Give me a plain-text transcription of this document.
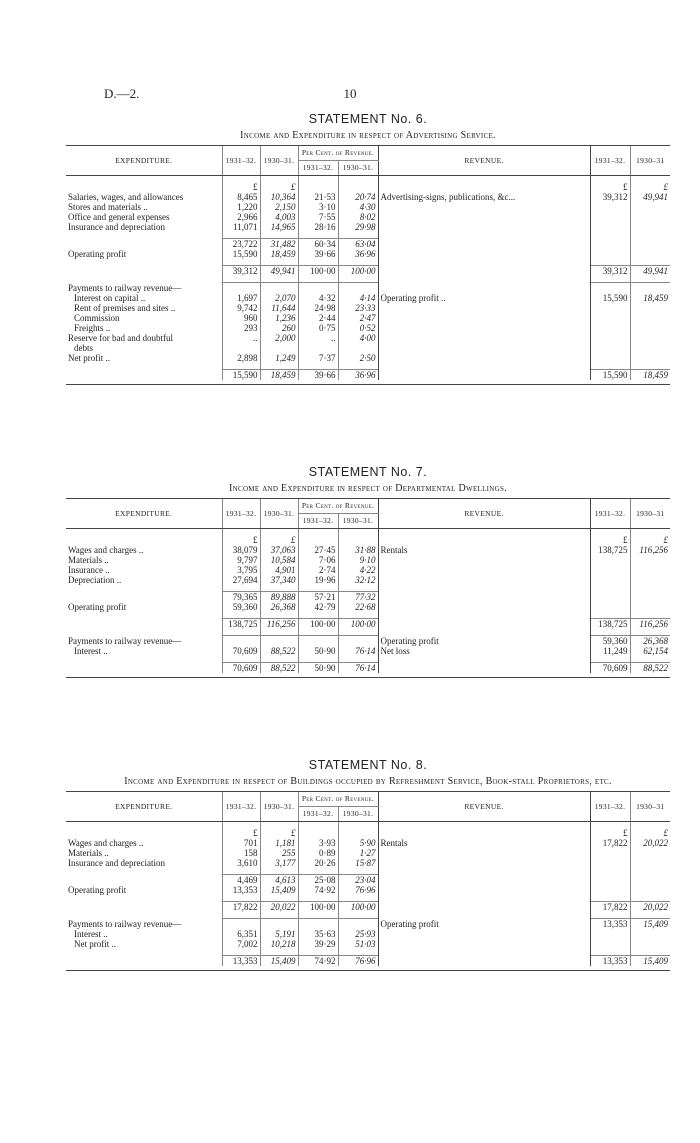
D.—2.	10
STATEMENT No. 6.
Income and Expenditure in respect of Advertising Service.
EXPENDITURE.	1931–32.	1930–31.	Per Cent. of Revenue.		REVENUE.	1931–32.	1930–31
			1931–32.	1930–31.			

	£	£				£	£
Salaries, wages, and allowances	8,465	10,364	21·53	20·74	Advertising-signs, publications, &c...	39,312	49,941
Stores and materials ..	1,220	2,150	3·10	4·30			
Office and general expenses	2,966	4,003	7·55	8·02			
Insurance and depreciation	11,071	14,965	28·16	29·98			

	23,722	31,482	60·34	63·04			
Operating profit	15,590	18,459	39·66	36·96			

	39,312	49,941	100·00	100·00		39,312	49,941

Payments to railway revenue—							
Interest on capital ..	1,697	2,070	4·32	4·14	Operating profit ..	15,590	18,459
Rent of premises and sites ..	9,742	11,644	24·98	23·33			
Commission	960	1,236	2·44	2·47			
Freights ..	293	260	0·75	0·52			
Reserve for bad and doubtful	..	2,000	..	4·00			
debts							
Net profit ..	2,898	1,249	7·37	2·50			

	15,590	18,459	39·66	36·96		15,590	18,459

STATEMENT No. 7.
Income and Expenditure in respect of Departmental Dwellings.
EXPENDITURE.	1931–32.	1930–31.	Per Cent. of Revenue.		REVENUE.	1931–32.	1930–31
			1931–32.	1930–31.			

	£	£				£	£
Wages and charges ..	38,079	37,063	27·45	31·88	Rentals	138,725	116,256
Materials ..	9,797	10,584	7·06	9·10			
Insurance ..	3,795	4,901	2·74	4·22			
Depreciation ..	27,694	37,340	19·96	32·12			

	79,365	89,888	57·21	77·32			
Operating profit	59,360	26,368	42·79	22·68			

	138,725	116,256	100·00	100·00		138,725	116,256

Payments to railway revenue—					Operating profit	59,360	26,368
Interest ..	70,609	88,522	50·90	76·14	Net loss	11,249	62,154

	70,609	88,522	50·90	76·14		70,609	88,522

STATEMENT No. 8.
Income and Expenditure in respect of Buildings occupied by Refreshment Service, Book-stall Proprietors, etc.
EXPENDITURE.	1931–32.	1930–31.	Per Cent. of Revenue.		REVENUE.	1931–32.	1930–31
			1931–32.	1930–31.			

	£	£				£	£
Wages and charges ..	701	1,181	3·93	5·90	Rentals	17,822	20,022
Materials ..	158	255	0·89	1·27			
Insurance and depreciation	3,610	3,177	20·26	15·87			

	4,469	4,613	25·08	23·04			
Operating profit	13,353	15,409	74·92	76·96			

	17,822	20,022	100·00	100·00		17,822	20,022

Payments to railway revenue—					Operating profit	13,353	15,409
Interest ..	6,351	5,191	35·63	25·93			
Net profit ..	7,002	10,218	39·29	51·03			

	13,353	15,409	74·92	76·96		13,353	15,409
